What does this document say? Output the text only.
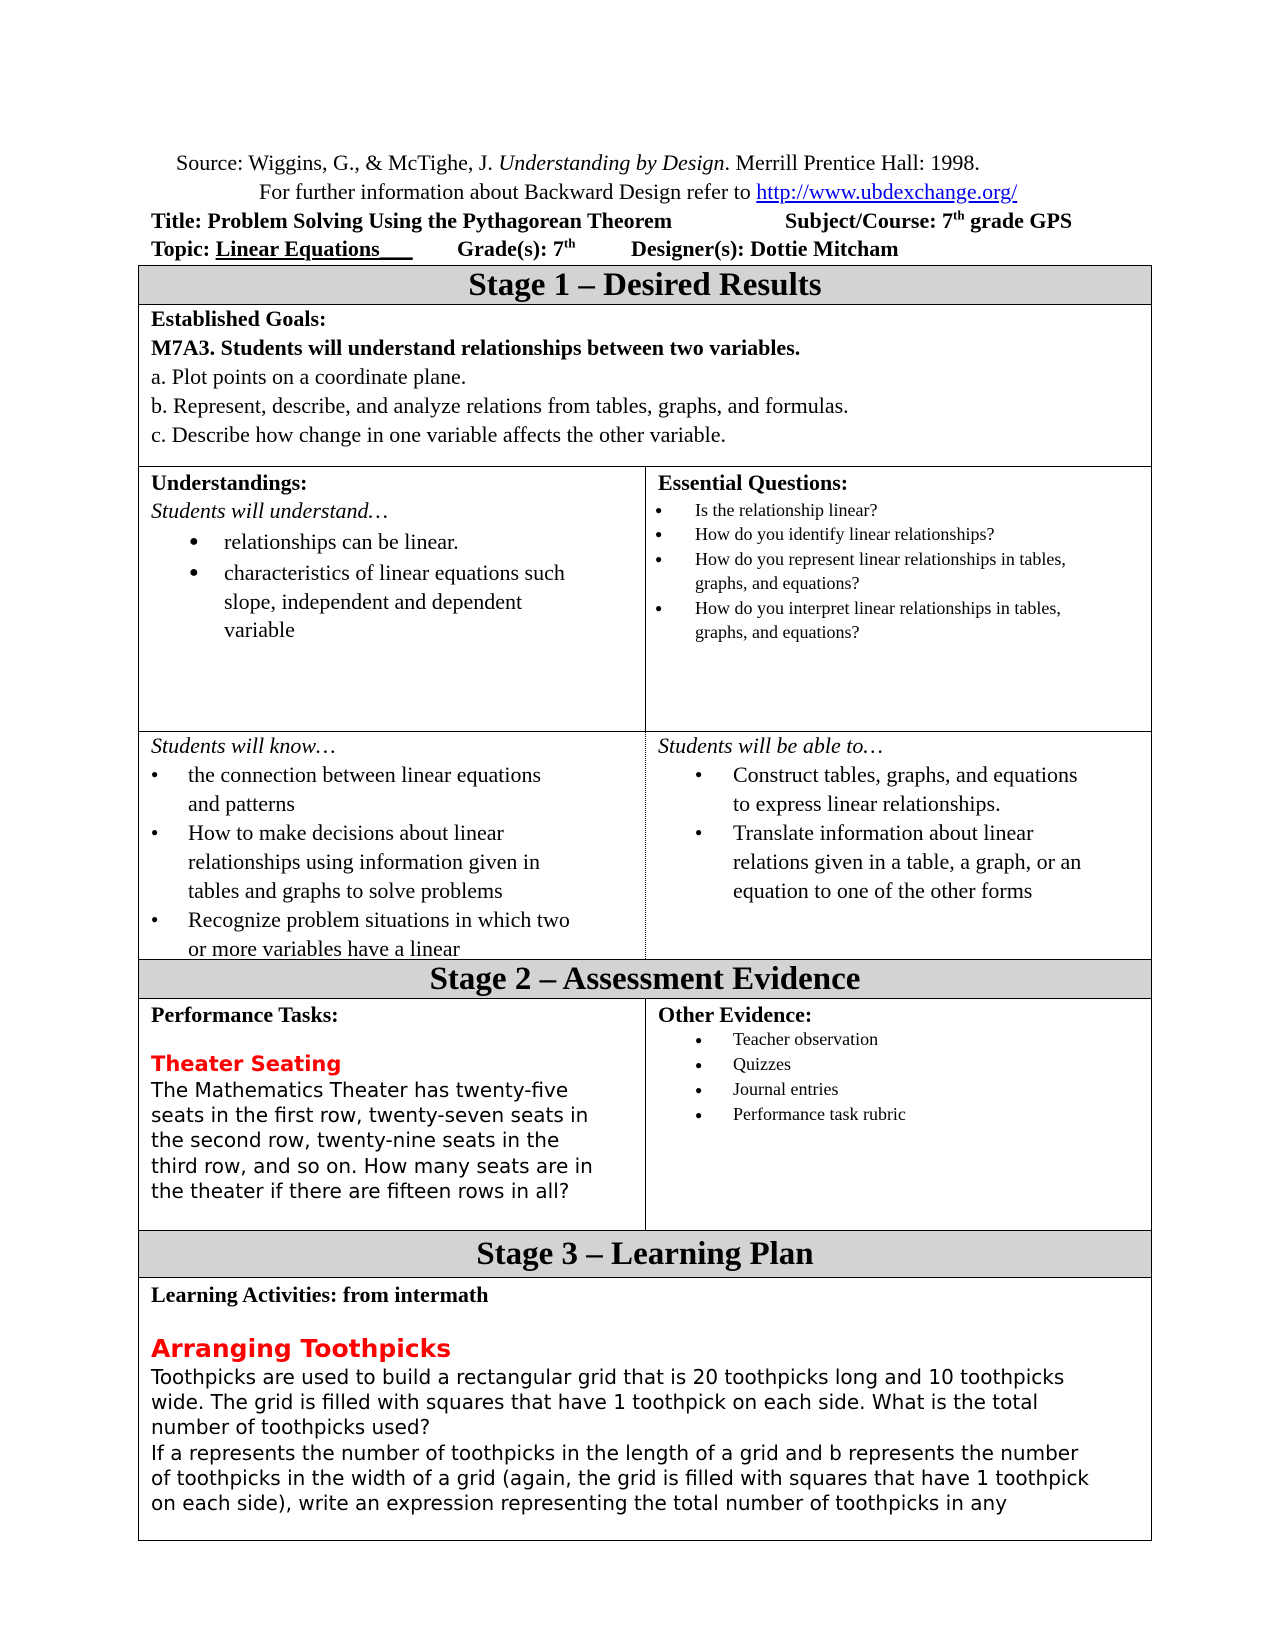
Source: Wiggins, G., & McTighe, J. Understanding by Design. Merrill Prentice Hall: 1998.
For further information about Backward Design refer to http://www.ubdexchange.org/
Title: Problem Solving Using the Pythagorean Theorem	Subject/Course: 7th grade GPS
Topic: Linear Equations___ Grade(s): 7th	Designer(s): Dottie Mitcham
Stage 1 – Desired Results
Stage 2 – Assessment Evidence
Stage 3 – Learning Plan
Established Goals:
M7A3. Students will understand relationships between two variables.
a. Plot points on a coordinate plane.
b. Represent, describe, and analyze relations from tables, graphs, and formulas.
c. Describe how change in one variable affects the other variable.
Understandings:
Students will understand…
● relationships can be linear.
● characteristics of linear equations such
slope, independent and dependent
variable
Essential Questions:
● Is the relationship linear?
● How do you identify linear relationships?
● How do you represent linear relationships in tables,
graphs, and equations?
● How do you interpret linear relationships in tables,
graphs, and equations?
Students will know…
● the connection between linear equations
and patterns
● How to make decisions about linear
relationships using information given in
tables and graphs to solve problems
● Recognize problem situations in which two
or more variables have a linear
Students will be able to…
● Construct tables, graphs, and equations
to express linear relationships.
● Translate information about linear
relations given in a table, a graph, or an
equation to one of the other forms
Performance Tasks:
Theater Seating
The Mathematics Theater has twenty-five
seats in the first row, twenty-seven seats in
the second row, twenty-nine seats in the
third row, and so on. How many seats are in
the theater if there are fifteen rows in all?
Other Evidence:
● Teacher observation
● Quizzes
● Journal entries
● Performance task rubric
Learning Activities: from intermath
Arranging Toothpicks
Toothpicks are used to build a rectangular grid that is 20 toothpicks long and 10 toothpicks
wide. The grid is filled with squares that have 1 toothpick on each side. What is the total
number of toothpicks used?
If a represents the number of toothpicks in the length of a grid and b represents the number
of toothpicks in the width of a grid (again, the grid is filled with squares that have 1 toothpick
on each side), write an expression representing the total number of toothpicks in any
